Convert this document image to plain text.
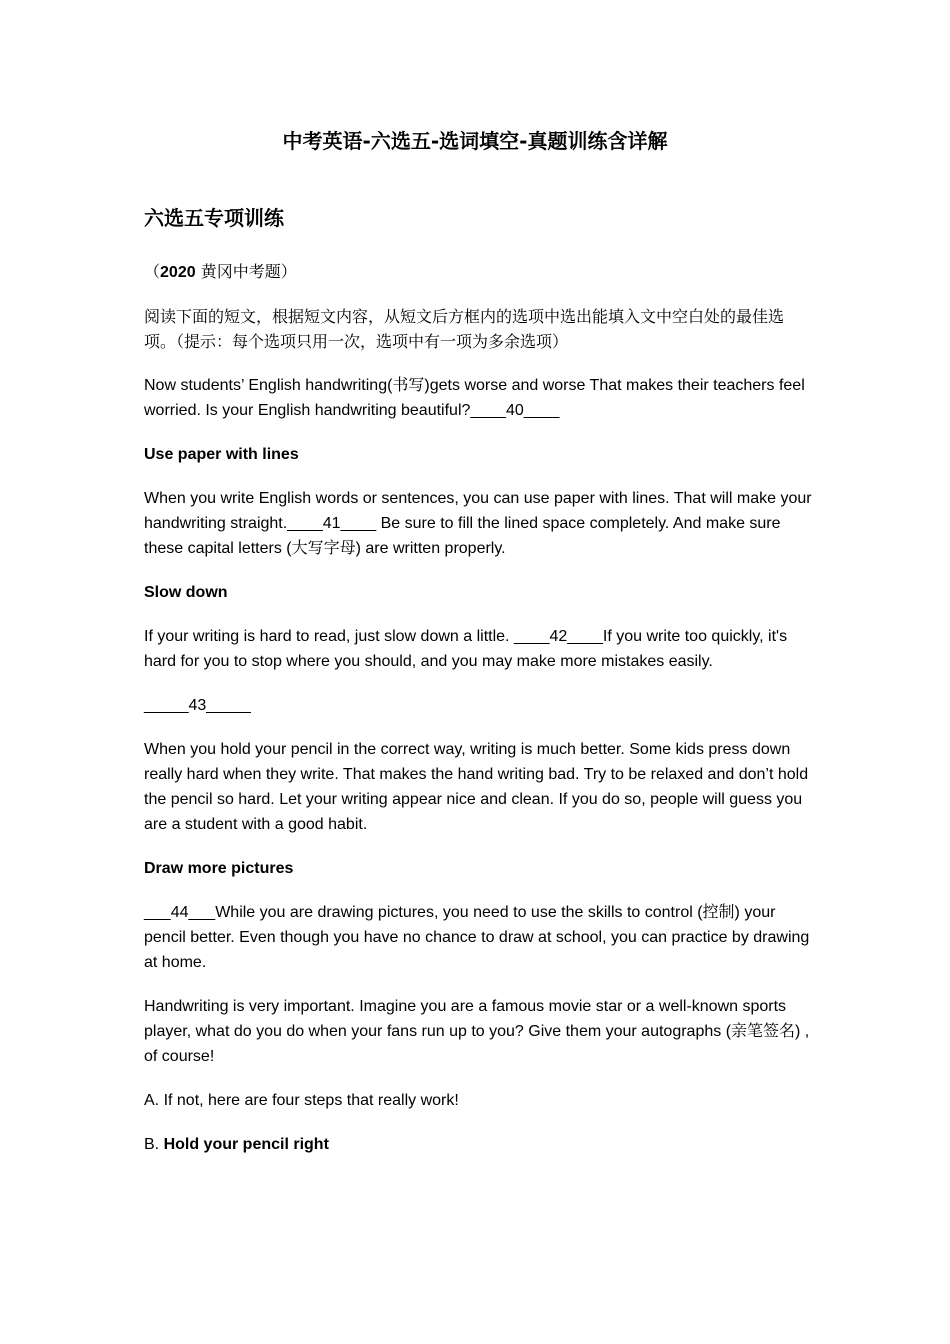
中考英语-六选五-选词填空-真题训练含详解
六选五专项训练

（2020 黄冈中考题）

阅读下面的短文，根据短文内容，从短文后方框内的选项中选出能填入文中空白处的最佳选项。（提示：每个选项只用一次，选项中有一项为多余选项）

Now students’ English handwriting(书写)gets worse and worse That makes their teachers feel worried. Is your English handwriting beautiful?____40____

Use paper with lines

When you write English words or sentences, you can use paper with lines. That will make your handwriting straight.____41____ Be sure to fill the lined space completely. And make sure these capital letters (大写字母) are written properly.

Slow down

If your writing is hard to read, just slow down a little. ____42____If you write too quickly, it's hard for you to stop where you should, and you may make more mistakes easily.

_____43_____

When you hold your pencil in the correct way, writing is much better. Some kids press down really hard when they write. That makes the hand writing bad. Try to be relaxed and don’t hold the pencil so hard. Let your writing appear nice and clean. If you do so, people will guess you are a student with a good habit.

Draw more pictures

___44___While you are drawing pictures, you need to use the skills to control (控制) your pencil better. Even though you have no chance to draw at school, you can practice by drawing at home.

Handwriting is very important. Imagine you are a famous movie star or a well-known sports player, what do you do when your fans run up to you? Give them your autographs (亲笔签名) , of course!

A. If not, here are four steps that really work!

B. Hold your pencil right
